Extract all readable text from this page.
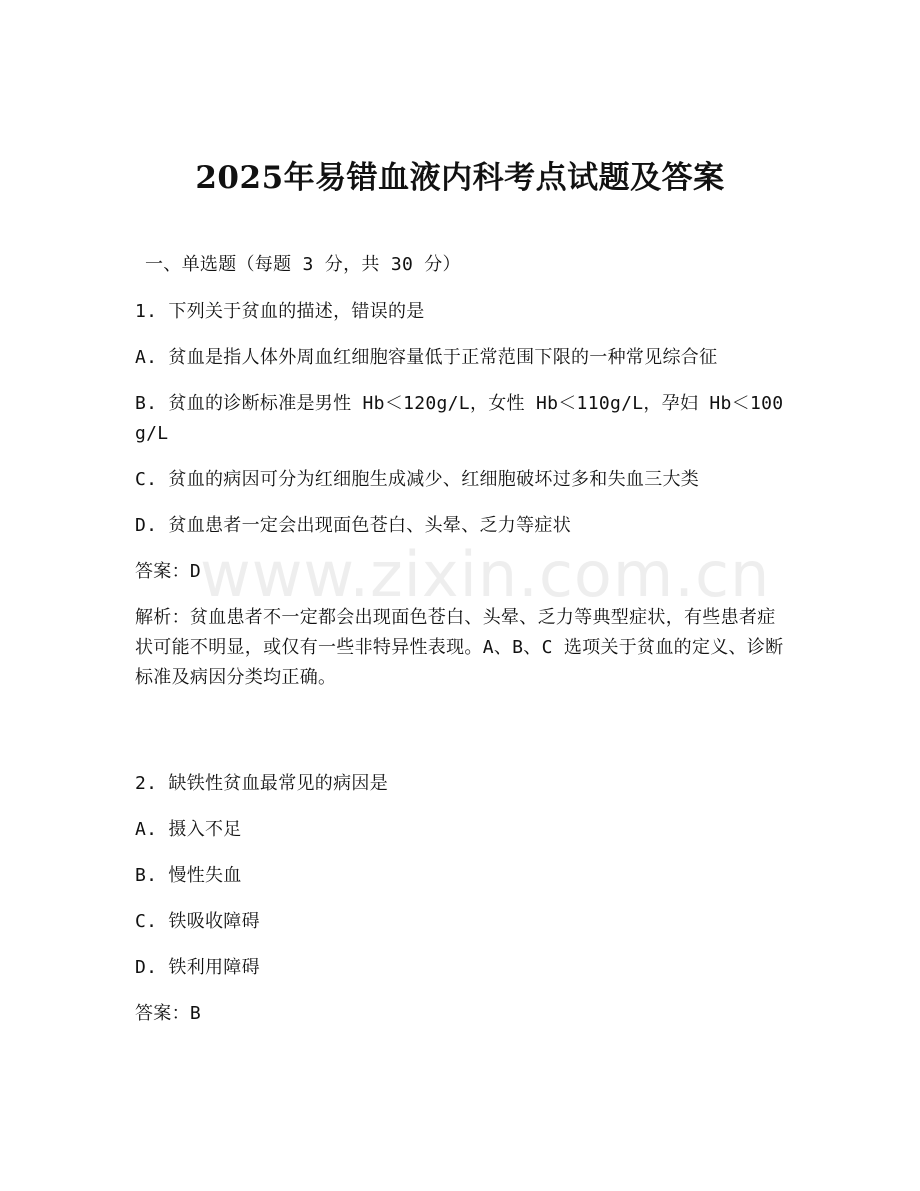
2025年易错血液内科考点试题及答案
一、单选题（每题 3 分，共 30 分）
1. 下列关于贫血的描述，错误的是
A. 贫血是指人体外周血红细胞容量低于正常范围下限的一种常见综合征
B. 贫血的诊断标准是男性 Hb＜120g/L，女性 Hb＜110g/L，孕妇 Hb＜100g/L
C. 贫血的病因可分为红细胞生成减少、红细胞破坏过多和失血三大类
D. 贫血患者一定会出现面色苍白、头晕、乏力等症状
答案：D
解析：贫血患者不一定都会出现面色苍白、头晕、乏力等典型症状，有些患者症状可能不明显，或仅有一些非特异性表现。A、B、C 选项关于贫血的定义、诊断标准及病因分类均正确。
2. 缺铁性贫血最常见的病因是
A. 摄入不足
B. 慢性失血
C. 铁吸收障碍
D. 铁利用障碍
答案：B
www.zixin.com.cn
